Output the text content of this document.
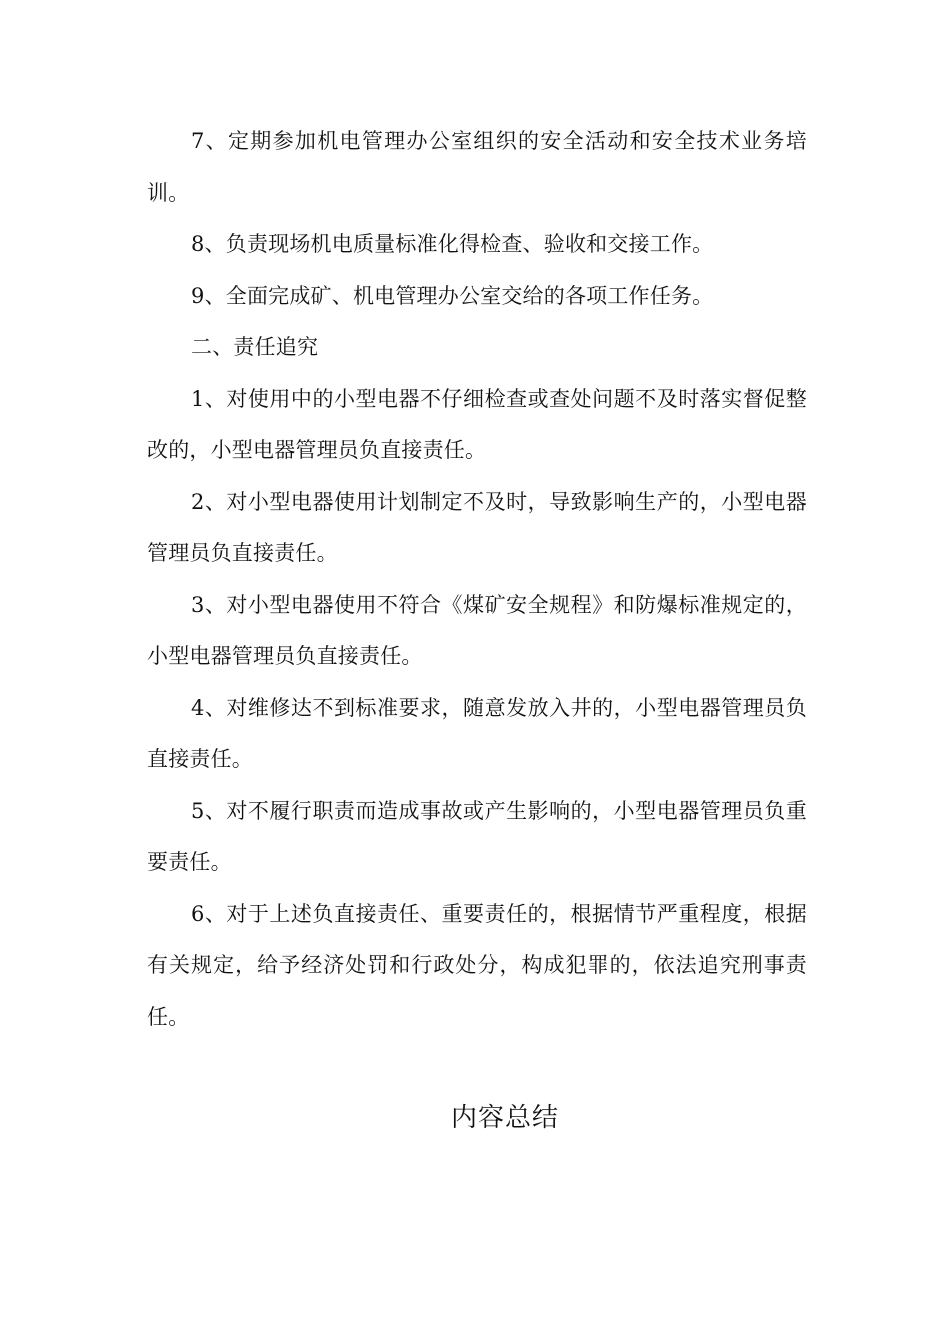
7、定期参加机电管理办公室组织的安全活动和安全技术业务培训。

8、负责现场机电质量标准化得检查、验收和交接工作。

9、全面完成矿、机电管理办公室交给的各项工作任务。

二、责任追究

1、对使用中的小型电器不仔细检查或查处问题不及时落实督促整改的，小型电器管理员负直接责任。

2、对小型电器使用计划制定不及时，导致影响生产的，小型电器管理员负直接责任。

3、对小型电器使用不符合《煤矿安全规程》和防爆标准规定的，小型电器管理员负直接责任。

4、对维修达不到标准要求，随意发放入井的，小型电器管理员负直接责任。

5、对不履行职责而造成事故或产生影响的，小型电器管理员负重要责任。

6、对于上述负直接责任、重要责任的，根据情节严重程度，根据有关规定，给予经济处罚和行政处分，构成犯罪的，依法追究刑事责任。

内容总结
